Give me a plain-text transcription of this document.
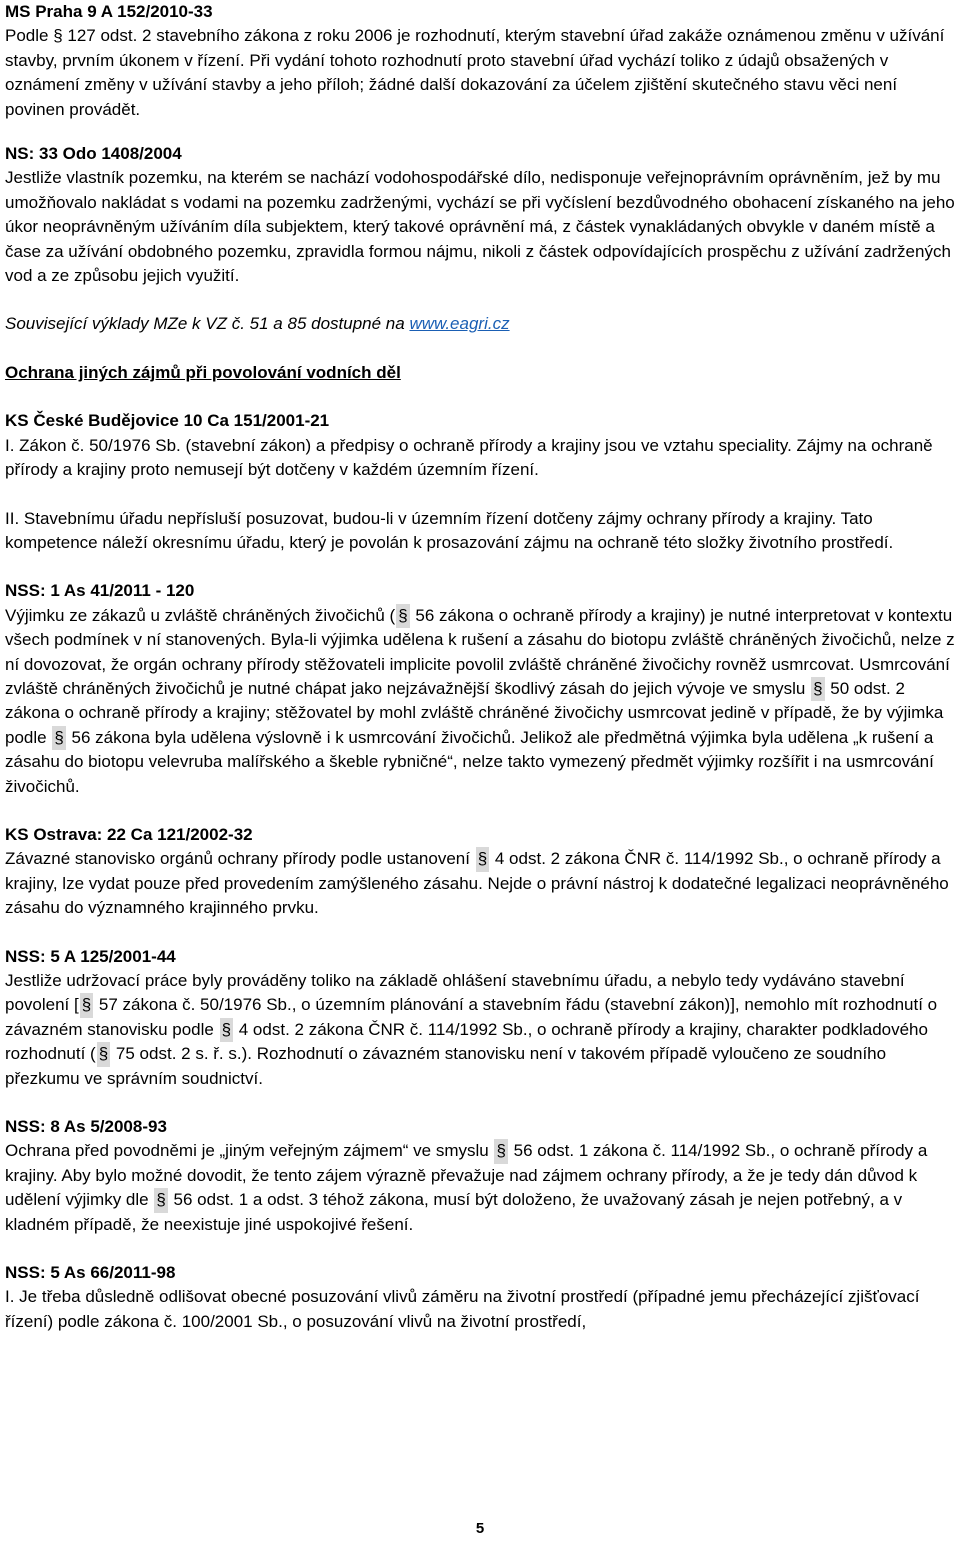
MS Praha 9 A 152/2010-33

Podle § 127 odst. 2 stavebního zákona z roku 2006 je rozhodnutí, kterým stavební úřad zakáže oznámenou změnu v užívání stavby, prvním úkonem v řízení. Při vydání tohoto rozhodnutí proto stavební úřad vychází toliko z údajů obsažených v oznámení změny v užívání stavby a jeho příloh; žádné další dokazování za účelem zjištění skutečného stavu věci není povinen provádět.

NS: 33 Odo 1408/2004

Jestliže vlastník pozemku, na kterém se nachází vodohospodářské dílo, nedisponuje veřejnoprávním oprávněním, jež by mu umožňovalo nakládat s vodami na pozemku zadrženými, vychází se při vyčíslení bezdůvodného obohacení získaného na jeho úkor neoprávněným užíváním díla subjektem, který takové oprávnění má, z částek vynakládaných obvykle v daném místě a čase za užívání obdobného pozemku, zpravidla formou nájmu, nikoli z částek odpovídajících prospěchu z užívání zadržených vod a ze způsobu jejich využití.

Související výklady MZe k VZ č. 51 a 85 dostupné na www.eagri.cz

Ochrana jiných zájmů při povolování vodních děl

KS České Budějovice 10 Ca 151/2001-21

I. Zákon č. 50/1976 Sb. (stavební zákon) a předpisy o ochraně přírody a krajiny jsou ve vztahu speciality. Zájmy na ochraně přírody a krajiny proto nemusejí být dotčeny v každém územním řízení.

II. Stavebnímu úřadu nepřísluší posuzovat, budou-li v územním řízení dotčeny zájmy ochrany přírody a krajiny. Tato kompetence náleží okresnímu úřadu, který je povolán k prosazování zájmu na ochraně této složky životního prostředí.

NSS: 1 As 41/2011 - 120

Výjimku ze zákazů u zvláště chráněných živočichů ( § 56 zákona o ochraně přírody a krajiny) je nutné interpretovat v kontextu všech podmínek v ní stanovených. Byla-li výjimka udělena k rušení a zásahu do biotopu zvláště chráněných živočichů, nelze z ní dovozovat, že orgán ochrany přírody stěžovateli implicite povolil zvláště chráněné živočichy rovněž usmrcovat. Usmrcování zvláště chráněných živočichů je nutné chápat jako nejzávažnější škodlivý zásah do jejich vývoje ve smyslu § 50 odst. 2 zákona o ochraně přírody a krajiny; stěžovatel by mohl zvláště chráněné živočichy usmrcovat jedině v případě, že by výjimka podle § 56 zákona byla udělena výslovně i k usmrcování živočichů. Jelikož ale předmětná výjimka byla udělena „k rušení a zásahu do biotopu velevruba malířského a škeble rybničné“, nelze takto vymezený předmět výjimky rozšířit i na usmrcování živočichů.

KS Ostrava: 22 Ca 121/2002-32

Závazné stanovisko orgánů ochrany přírody podle ustanovení § 4 odst. 2 zákona ČNR č. 114/1992 Sb., o ochraně přírody a krajiny, lze vydat pouze před provedením zamýšleného zásahu. Nejde o právní nástroj k dodatečné legalizaci neoprávněného zásahu do významného krajinného prvku.

NSS: 5 A 125/2001-44

Jestliže udržovací práce byly prováděny toliko na základě ohlášení stavebnímu úřadu, a nebylo tedy vydáváno stavební povolení [ § 57 zákona č. 50/1976 Sb., o územním plánování a stavebním řádu (stavební zákon)], nemohlo mít rozhodnutí o závazném stanovisku podle § 4 odst. 2 zákona ČNR č. 114/1992 Sb., o ochraně přírody a krajiny, charakter podkladového rozhodnutí ( § 75 odst. 2 s. ř. s.). Rozhodnutí o závazném stanovisku není v takovém případě vyloučeno ze soudního přezkumu ve správním soudnictví.

NSS: 8 As 5/2008-93

Ochrana před povodněmi je „jiným veřejným zájmem“ ve smyslu § 56 odst. 1 zákona č. 114/1992 Sb., o ochraně přírody a krajiny. Aby bylo možné dovodit, že tento zájem výrazně převažuje nad zájmem ochrany přírody, a že je tedy dán důvod k udělení výjimky dle § 56 odst. 1 a odst. 3 téhož zákona, musí být doloženo, že uvažovaný zásah je nejen potřebný, a v kladném případě, že neexistuje jiné uspokojivé řešení.

NSS: 5 As 66/2011-98

I. Je třeba důsledně odlišovat obecné posuzování vlivů záměru na životní prostředí (případné jemu přecházející zjišťovací řízení) podle zákona č. 100/2001 Sb., o posuzování vlivů na životní prostředí,

5
